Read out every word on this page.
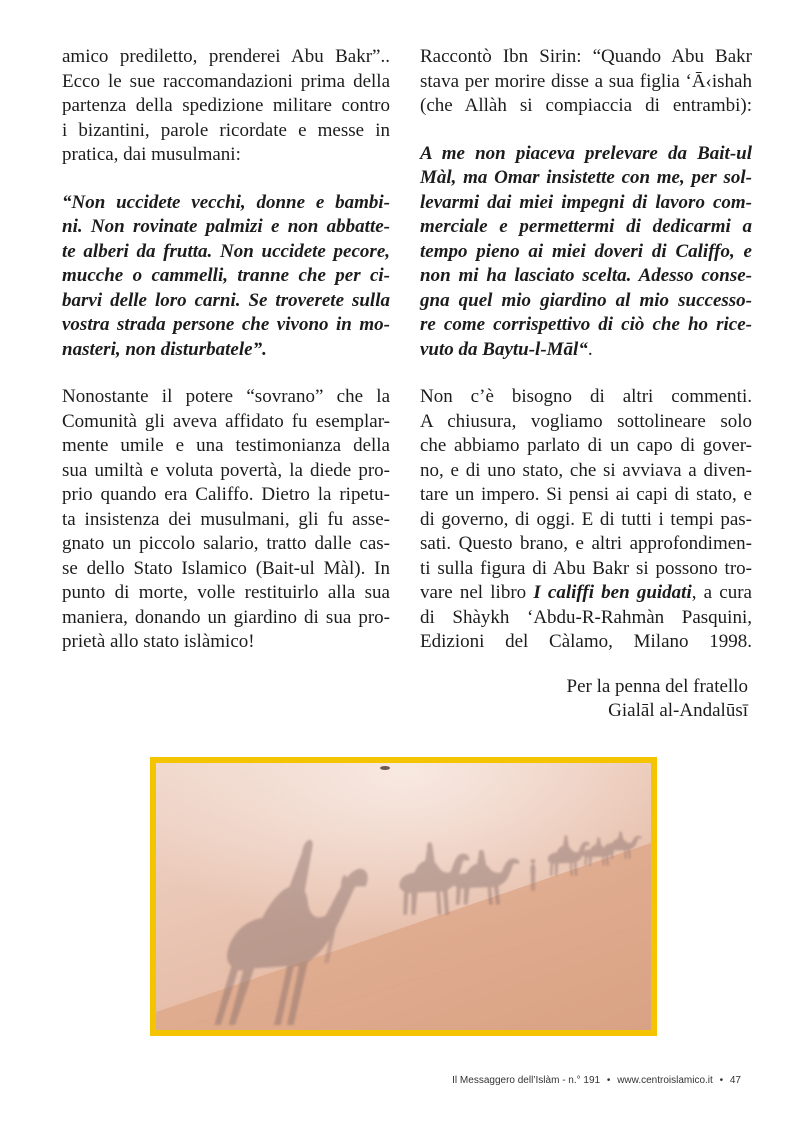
amico prediletto, prenderei Abu Bakr”..
Ecco le sue raccomandazioni prima della
partenza della spedizione militare contro
i bizantini, parole ricordate e messe in
pratica, dai musulmani:
“Non uccidete vecchi, donne e bambi-
ni. Non rovinate palmizi e non abbatte-
te alberi da frutta. Non uccidete pecore,
mucche o cammelli, tranne che per ci-
barvi delle loro carni. Se troverete sulla
vostra strada persone che vivono in mo-
nasteri, non disturbatele”.
Nonostante il potere “sovrano” che la
Comunità gli aveva affidato fu esemplar-
mente umile e una testimonianza della
sua umiltà e voluta povertà, la diede pro-
prio quando era Califfo. Dietro la ripetu-
ta insistenza dei musulmani, gli fu asse-
gnato un piccolo salario, tratto dalle cas-
se dello Stato Islamico (Bait-ul Màl). In
punto di morte, volle restituirlo alla sua
maniera, donando un giardino di sua pro-
prietà allo stato islàmico!
Raccontò Ibn Sirin: “Quando Abu Bakr
stava per morire disse a sua figlia ‘Ā‹ishah
(che Allàh si compiaccia di entrambi):
A me non piaceva prelevare da Bait-ul
Màl, ma Omar insistette con me, per sol-
levarmi dai miei impegni di lavoro com-
merciale e permettermi di dedicarmi a
tempo pieno ai miei doveri di Califfo, e
non mi ha lasciato scelta. Adesso conse-
gna quel mio giardino al mio successo-
re come corrispettivo di ciò che ho rice-
vuto da Baytu-l-Māl“.
Non c’è bisogno di altri commenti.
A chiusura, vogliamo sottolineare solo
che abbiamo parlato di un capo di gover-
no, e di uno stato, che si avviava a diven-
tare un impero. Si pensi ai capi di stato, e
di governo, di oggi. E di tutti i tempi pas-
sati. Questo brano, e altri approfondimen-
ti sulla figura di Abu Bakr si possono tro-
vare nel libro I califfi ben guidati, a cura
di Shàykh ‘Abdu-R-Rahmàn Pasquini,
Edizioni del Càlamo, Milano 1998.
Per la penna del fratello
Gialāl al-Andalūsī
Il Messaggero dell’Islàm - n.° 191 • www.centroislamico.it • 47
